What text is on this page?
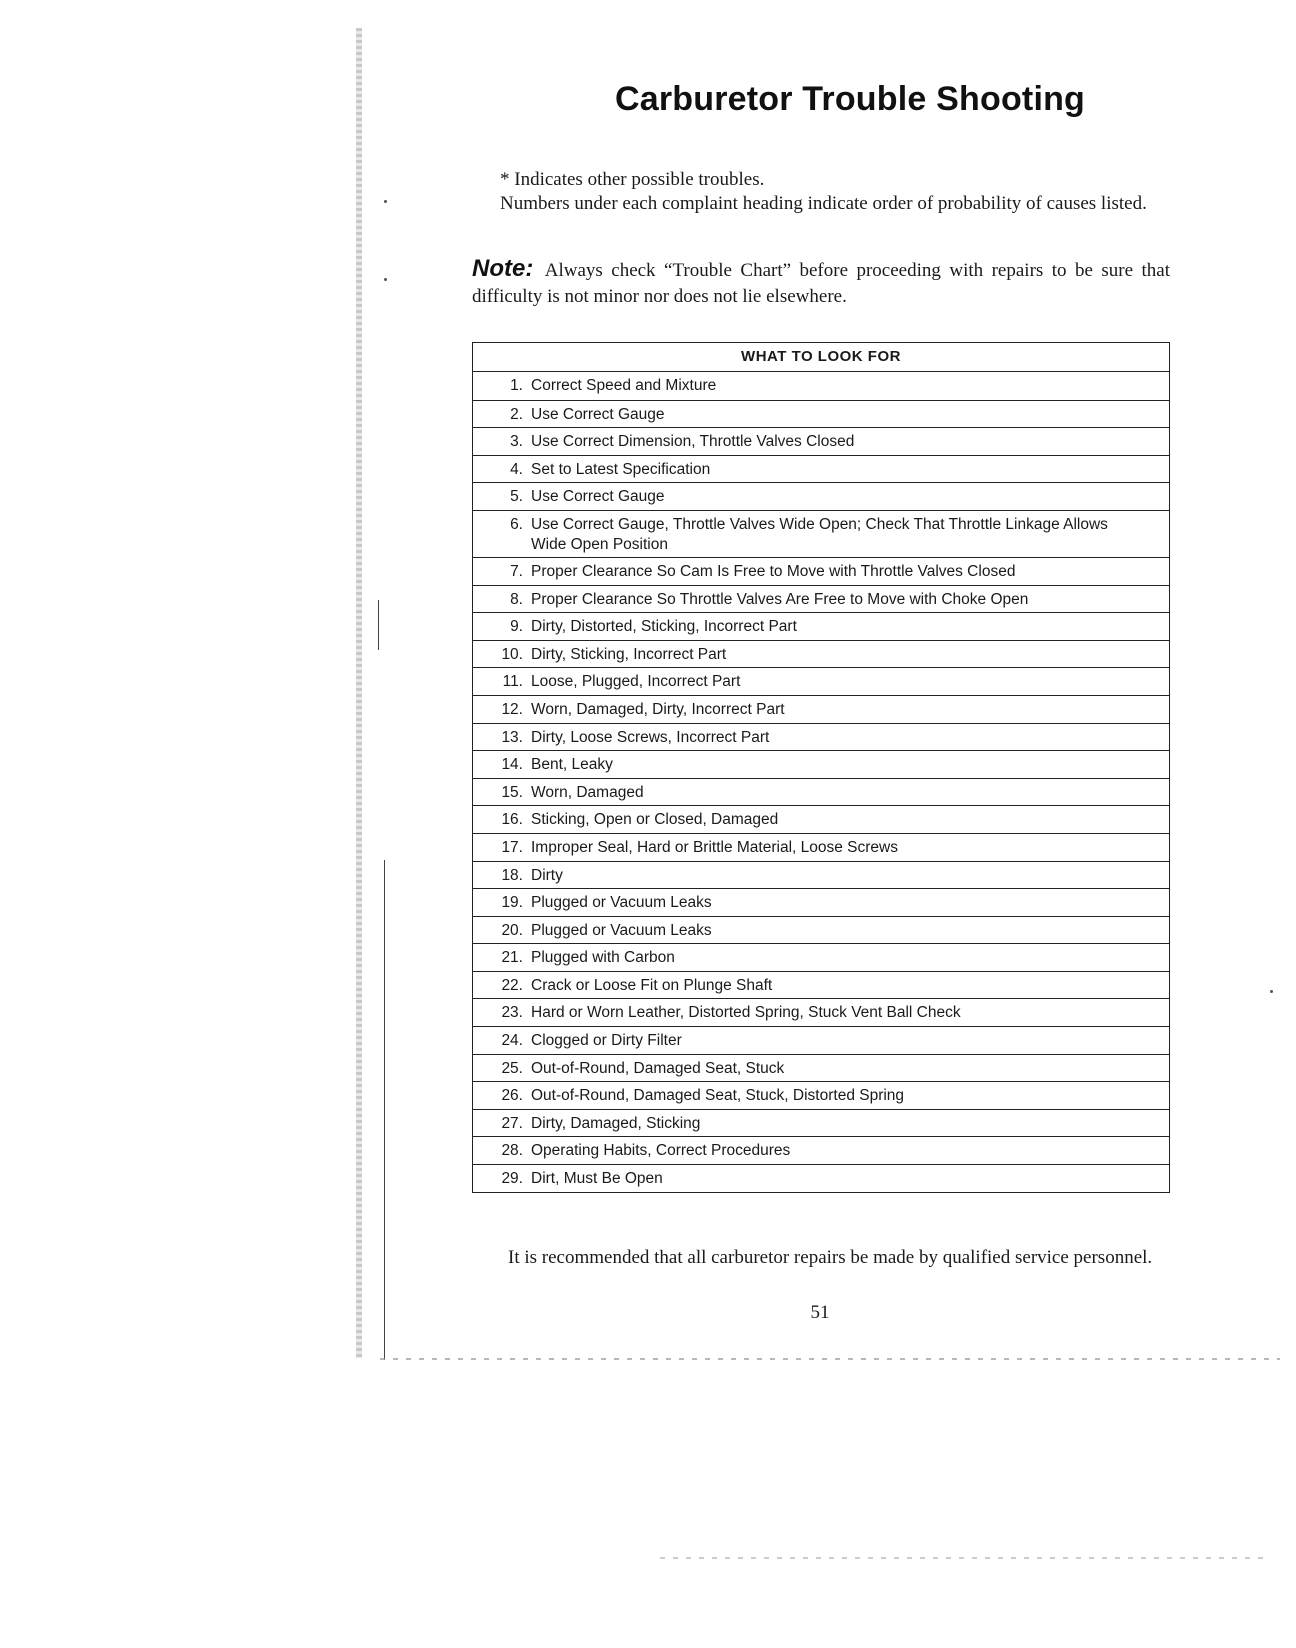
Carburetor Trouble Shooting

* Indicates other possible troubles.

Numbers under each complaint heading indicate order of probability of causes listed.

Note: Always check “Trouble Chart” before proceeding with repairs to be sure that difficulty is not minor nor does not lie elsewhere.
WHAT TO LOOK FOR
1. Correct Speed and Mixture
2. Use Correct Gauge
3. Use Correct Dimension, Throttle Valves Closed
4. Set to Latest Specification
5. Use Correct Gauge
6. Use Correct Gauge, Throttle Valves Wide Open; Check That Throttle Linkage Allows Wide Open Position
7. Proper Clearance So Cam Is Free to Move with Throttle Valves Closed
8. Proper Clearance So Throttle Valves Are Free to Move with Choke Open
9. Dirty, Distorted, Sticking, Incorrect Part
10. Dirty, Sticking, Incorrect Part
11. Loose, Plugged, Incorrect Part
12. Worn, Damaged, Dirty, Incorrect Part
13. Dirty, Loose Screws, Incorrect Part
14. Bent, Leaky
15. Worn, Damaged
16. Sticking, Open or Closed, Damaged
17. Improper Seal, Hard or Brittle Material, Loose Screws
18. Dirty
19. Plugged or Vacuum Leaks
20. Plugged or Vacuum Leaks
21. Plugged with Carbon
22. Crack or Loose Fit on Plunge Shaft
23. Hard or Worn Leather, Distorted Spring, Stuck Vent Ball Check
24. Clogged or Dirty Filter
25. Out-of-Round, Damaged Seat, Stuck
26. Out-of-Round, Damaged Seat, Stuck, Distorted Spring
27. Dirty, Damaged, Sticking
28. Operating Habits, Correct Procedures
29. Dirt, Must Be Open
It is recommended that all carburetor repairs be made by qualified service personnel.
51
